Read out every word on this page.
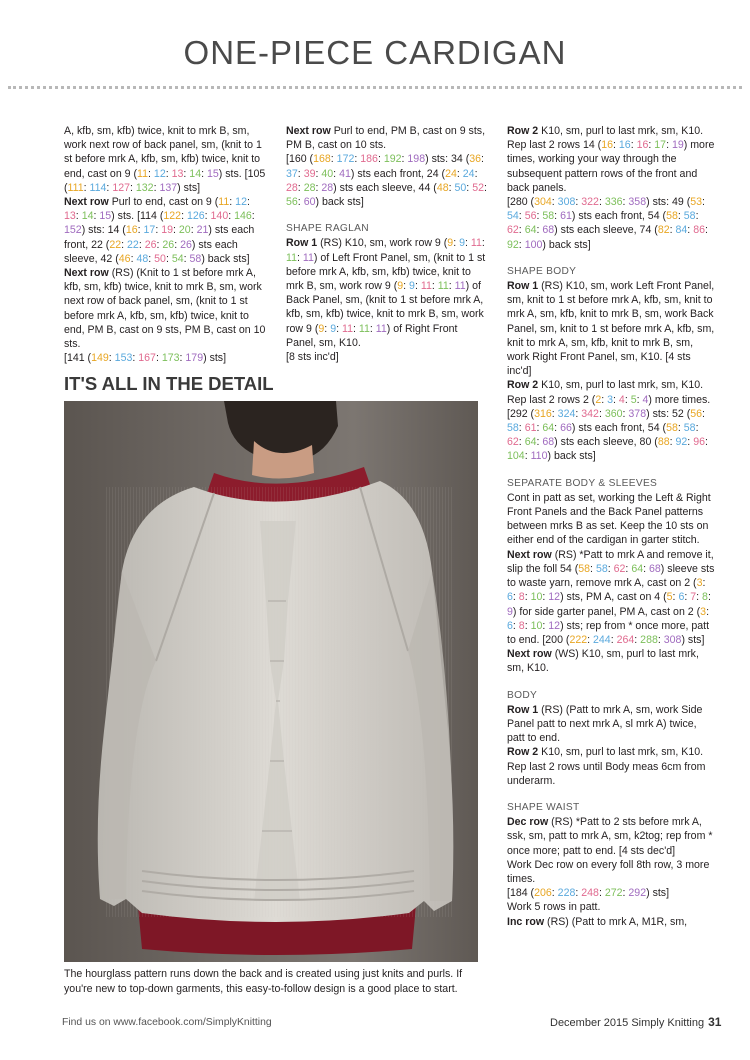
ONE-PIECE CARDIGAN

A, kfb, sm, kfb) twice, knit to mrk B, sm, work next row of back panel, sm, (knit to 1 st before mrk A, kfb, sm, kfb) twice, knit to end, cast on 9 (11: 12: 13: 14: 15) sts. [105 (111: 114: 127: 132: 137) sts]

Next row Purl to end, cast on 9 (11: 12: 13: 14: 15) sts. [114 (122: 126: 140: 146: 152) sts: 14 (16: 17: 19: 20: 21) sts each front, 22 (22: 22: 26: 26: 26) sts each sleeve, 42 (46: 48: 50: 54: 58) back sts]

Next row (RS) (Knit to 1 st before mrk A, kfb, sm, kfb) twice, knit to mrk B, sm, work next row of back panel, sm, (knit to 1 st before mrk A, kfb, sm, kfb) twice, knit to end, PM B, cast on 9 sts, PM B, cast on 10 sts.
[141 (149: 153: 167: 173: 179) sts]

Next row Purl to end, PM B, cast on 9 sts, PM B, cast on 10 sts.
[160 (168: 172: 186: 192: 198) sts: 34 (36: 37: 39: 40: 41) sts each front, 24 (24: 24: 28: 28: 28) sts each sleeve, 44 (48: 50: 52: 56: 60) back sts]

SHAPE RAGLAN

Row 1 (RS) K10, sm, work row 9 (9: 9: 11: 11: 11) of Left Front Panel, sm, (knit to 1 st before mrk A, kfb, sm, kfb) twice, knit to mrk B, sm, work row 9 (9: 9: 11: 11: 11) of Back Panel, sm, (knit to 1 st before mrk A, kfb, sm, kfb) twice, knit to mrk B, sm, work row 9 (9: 9: 11: 11: 11) of Right Front Panel, sm, K10.

[8 sts inc'd]

Row 2 K10, sm, purl to last mrk, sm, K10.

Rep last 2 rows 14 (16: 16: 16: 17: 19) more times, working your way through the subsequent pattern rows of the front and back panels.

[280 (304: 308: 322: 336: 358) sts: 49 (53: 54: 56: 58: 61) sts each front, 54 (58: 58: 62: 64: 68) sts each sleeve, 74 (82: 84: 86: 92: 100) back sts]

SHAPE BODY

Row 1 (RS) K10, sm, work Left Front Panel, sm, knit to 1 st before mrk A, kfb, sm, knit to mrk A, sm, kfb, knit to mrk B, sm, work Back Panel, sm, knit to 1 st before mrk A, kfb, sm, knit to mrk A, sm, kfb, knit to mrk B, sm, work Right Front Panel, sm, K10. [4 sts inc'd]

Row 2 K10, sm, purl to last mrk, sm, K10.

Rep last 2 rows 2 (2: 3: 4: 5: 4) more times. [292 (316: 324: 342: 360: 378) sts: 52 (56: 58: 61: 64: 66) sts each front, 54 (58: 58: 62: 64: 68) sts each sleeve, 80 (88: 92: 96: 104: 110) back sts]

SEPARATE BODY & SLEEVES

Cont in patt as set, working the Left & Right Front Panels and the Back Panel patterns between mrks B as set. Keep the 10 sts on either end of the cardigan in garter stitch.

Next row (RS) *Patt to mrk A and remove it, slip the foll 54 (58: 58: 62: 64: 68) sleeve sts to waste yarn, remove mrk A, cast on 2 (3: 6: 8: 10: 12) sts, PM A, cast on 4 (5: 6: 7: 8: 9) for side garter panel, PM A, cast on 2 (3: 6: 8: 10: 12) sts; rep from * once more, patt to end. [200 (222: 244: 264: 288: 308) sts]

Next row (WS) K10, sm, purl to last mrk, sm, K10.

BODY

Row 1 (RS) (Patt to mrk A, sm, work Side Panel patt to next mrk A, sl mrk A) twice, patt to end.

Row 2 K10, sm, purl to last mrk, sm, K10.

Rep last 2 rows until Body meas 6cm from underarm.

SHAPE WAIST

Dec row (RS) *Patt to 2 sts before mrk A, ssk, sm, patt to mrk A, sm, k2tog; rep from * once more; patt to end. [4 sts dec'd]

Work Dec row on every foll 8th row, 3 more times.

[184 (206: 228: 248: 272: 292) sts]

Work 5 rows in patt.

Inc row (RS) (Patt to mrk A, M1R, sm,

IT'S ALL IN THE DETAIL

The hourglass pattern runs down the back and is created using just knits and purls. If you're new to top-down garments, this easy-to-follow design is a good place to start.

Find us on www.facebook.com/SimplyKnitting	December 2015 Simply Knitting 31
